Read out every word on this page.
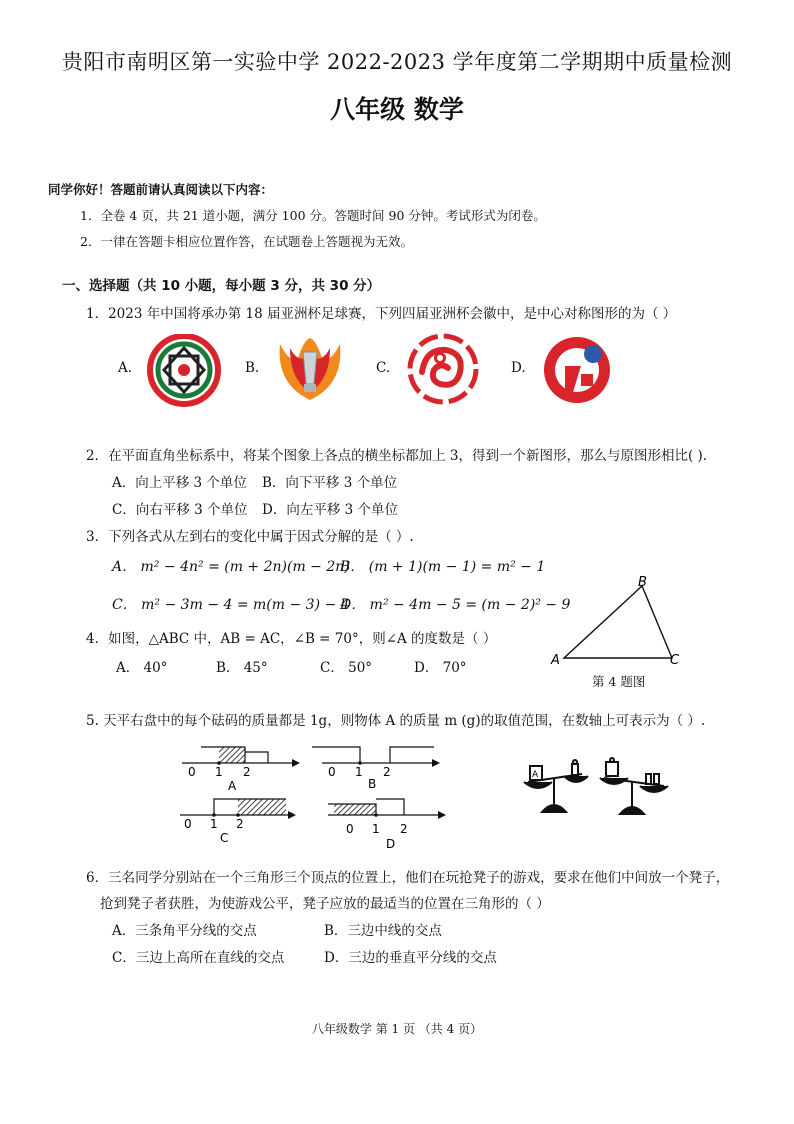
贵阳市南明区第一实验中学 2022-2023 学年度第二学期期中质量检测
八年级 数学
同学你好！答题前请认真阅读以下内容：
1．全卷 4 页，共 21 道小题，满分 100 分。答题时间 90 分钟。考试形式为闭卷。
2．一律在答题卡相应位置作答，在试题卷上答题视为无效。
一、选择题（共 10 小题，每小题 3 分，共 30 分）
1．2023 年中国将承办第 18 届亚洲杯足球赛，下列四届亚洲杯会徽中，是中心对称图形的为（ ）
A.	B.	C.	D.
2．在平面直角坐标系中，将某个图象上各点的横坐标都加上 3，得到一个新图形，那么与原图形相比( ).
A．向上平移 3 个单位 B．向下平移 3 个单位
C．向右平移 3 个单位 D．向左平移 3 个单位
3．下列各式从左到右的变化中属于因式分解的是（ ）.
A． m² − 4n² = (m + 2n)(m − 2n)
B． (m + 1)(m − 1) = m² − 1
C． m² − 3m − 4 = m(m − 3) − 4
D． m² − 4m − 5 = (m − 2)² − 9
4．如图，△ABC 中，AB = AC，∠B = 70°，则∠A 的度数是（ ）
A． 40°	B． 45°	C． 50°	D． 70°	A
B
C
第 4 题图
5. 天平右盘中的每个砝码的质量都是 1g，则物体 A 的质量 m (g)的取值范围，在数轴上可表示为（ ）.
0 1 2
A
0 1 2
B
0 1 2
C
0 1 2
D
A
6．三名同学分别站在一个三角形三个顶点的位置上，他们在玩抢凳子的游戏，要求在他们中间放一个凳子，
抢到凳子者获胜，为使游戏公平，凳子应放的最适当的位置在三角形的（ ）
A．三条角平分线的交点	B．三边中线的交点
C．三边上高所在直线的交点	D．三边的垂直平分线的交点
八年级数学 第 1 页 （共 4 页）
